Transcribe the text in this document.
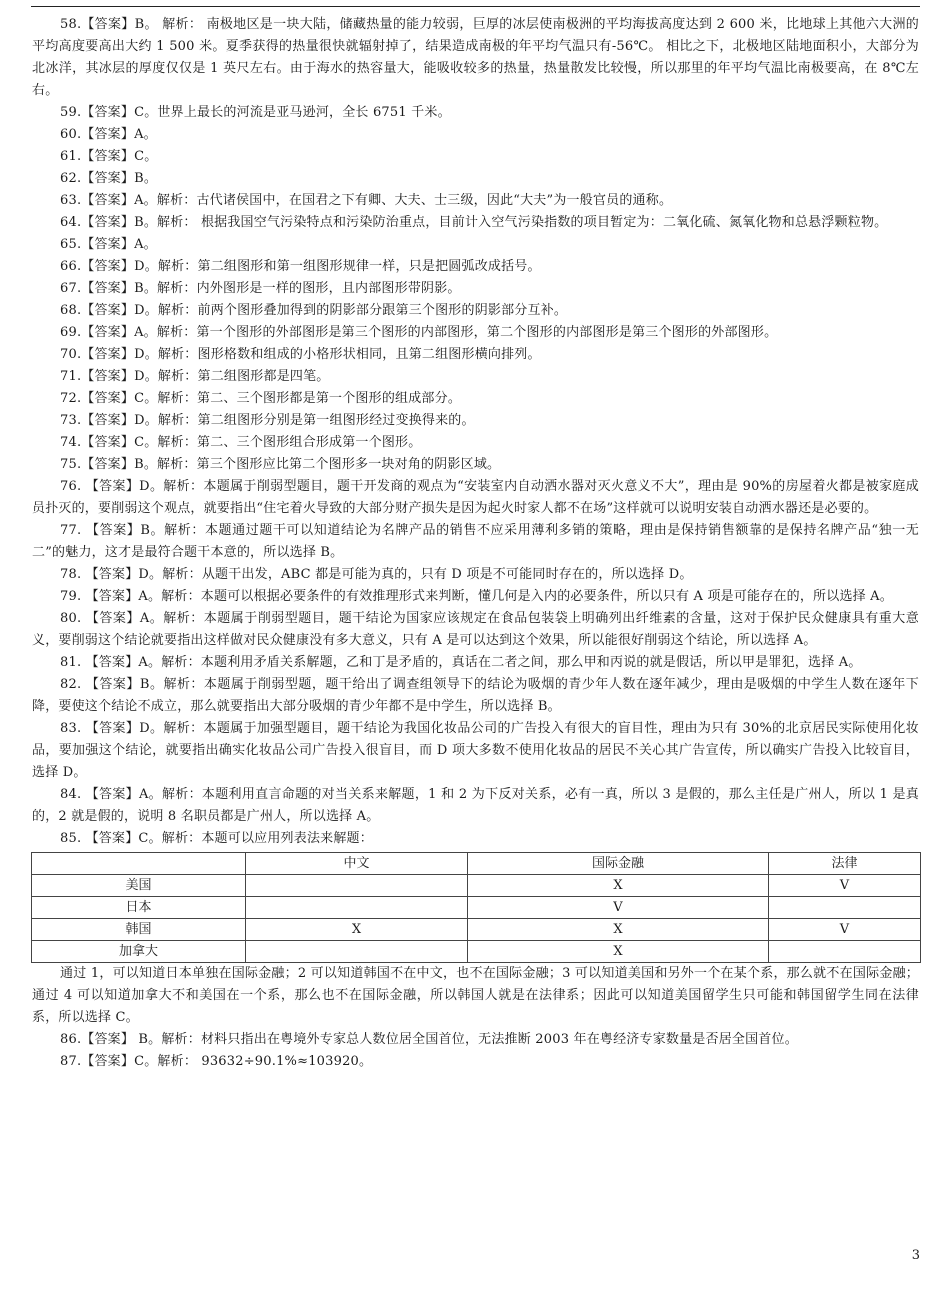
58.【答案】B。 解析： 南极地区是一块大陆，储藏热量的能力较弱，巨厚的冰层使南极洲的平均海拔高度达到 2 600 米，比地球上其他六大洲的平均高度要高出大约 1 500 米。夏季获得的热量很快就辐射掉了，结果造成南极的年平均气温只有-56℃。 相比之下，北极地区陆地面积小，大部分为北冰洋，其冰层的厚度仅仅是 1 英尺左右。由于海水的热容量大，能吸收较多的热量，热量散发比较慢，所以那里的年平均气温比南极要高，在 8℃左右。

59.【答案】C。世界上最长的河流是亚马逊河，全长 6751 千米。

60.【答案】A。

61.【答案】C。

62.【答案】B。

63.【答案】A。解析：古代诸侯国中，在国君之下有卿、大夫、士三级，因此“大夫”为一般官员的通称。

64.【答案】B。解析： 根据我国空气污染特点和污染防治重点，目前计入空气污染指数的项目暂定为：二氧化硫、氮氧化物和总悬浮颗粒物。

65.【答案】A。

66.【答案】D。解析：第二组图形和第一组图形规律一样，只是把圆弧改成括号。

67.【答案】B。解析：内外图形是一样的图形，且内部图形带阴影。

68.【答案】D。解析：前两个图形叠加得到的阴影部分跟第三个图形的阴影部分互补。

69.【答案】A。解析：第一个图形的外部图形是第三个图形的内部图形，第二个图形的内部图形是第三个图形的外部图形。

70.【答案】D。解析：图形格数和组成的小格形状相同，且第二组图形横向排列。

71.【答案】D。解析：第二组图形都是四笔。

72.【答案】C。解析：第二、三个图形都是第一个图形的组成部分。

73.【答案】D。解析：第二组图形分别是第一组图形经过变换得来的。

74.【答案】C。解析：第二、三个图形组合形成第一个图形。

75.【答案】B。解析：第三个图形应比第二个图形多一块对角的阴影区域。

76. 【答案】D。解析：本题属于削弱型题目，题干开发商的观点为“安装室内自动洒水器对灭火意义不大”，理由是 90%的房屋着火都是被家庭成员扑灭的，要削弱这个观点，就要指出“住宅着火导致的大部分财产损失是因为起火时家人都不在场”这样就可以说明安装自动洒水器还是必要的。

77. 【答案】B。解析：本题通过题干可以知道结论为名牌产品的销售不应采用薄利多销的策略，理由是保持销售额靠的是保持名牌产品“独一无二”的魅力，这才是最符合题干本意的，所以选择 B。

78. 【答案】D。解析：从题干出发，ABC 都是可能为真的，只有 D 项是不可能同时存在的，所以选择 D。

79. 【答案】A。解析：本题可以根据必要条件的有效推理形式来判断，懂几何是入内的必要条件，所以只有 A 项是可能存在的，所以选择 A。

80. 【答案】A。解析：本题属于削弱型题目，题干结论为国家应该规定在食品包装袋上明确列出纤维素的含量，这对于保护民众健康具有重大意义，要削弱这个结论就要指出这样做对民众健康没有多大意义，只有 A 是可以达到这个效果，所以能很好削弱这个结论，所以选择 A。

81. 【答案】A。解析：本题利用矛盾关系解题，乙和丁是矛盾的，真话在二者之间，那么甲和丙说的就是假话，所以甲是罪犯，选择 A。

82. 【答案】B。解析：本题属于削弱型题，题干给出了调查组领导下的结论为吸烟的青少年人数在逐年减少，理由是吸烟的中学生人数在逐年下降，要使这个结论不成立，那么就要指出大部分吸烟的青少年都不是中学生，所以选择 B。

83. 【答案】D。解析：本题属于加强型题目，题干结论为我国化妆品公司的广告投入有很大的盲目性，理由为只有 30%的北京居民实际使用化妆品，要加强这个结论，就要指出确实化妆品公司广告投入很盲目，而 D 项大多数不使用化妆品的居民不关心其广告宣传，所以确实广告投入比较盲目，选择 D。

84. 【答案】A。解析：本题利用直言命题的对当关系来解题，1 和 2 为下反对关系，必有一真，所以 3 是假的，那么主任是广州人，所以 1 是真的，2 就是假的，说明 8 名职员都是广州人，所以选择 A。

85. 【答案】C。解析：本题可以应用列表法来解题：

	中文	国际金融	法律
美国		X	V
日本		V	
韩国	X	X	V
加拿大		X	

通过 1，可以知道日本单独在国际金融；2 可以知道韩国不在中文，也不在国际金融；3 可以知道美国和另外一个在某个系，那么就不在国际金融；通过 4 可以知道加拿大不和美国在一个系，那么也不在国际金融，所以韩国人就是在法律系；因此可以知道美国留学生只可能和韩国留学生同在法律系，所以选择 C。

86.【答案】 B。解析：材料只指出在粤境外专家总人数位居全国首位，无法推断 2003 年在粤经济专家数量是否居全国首位。

87.【答案】C。解析： 93632÷90.1%≈103920。

3
